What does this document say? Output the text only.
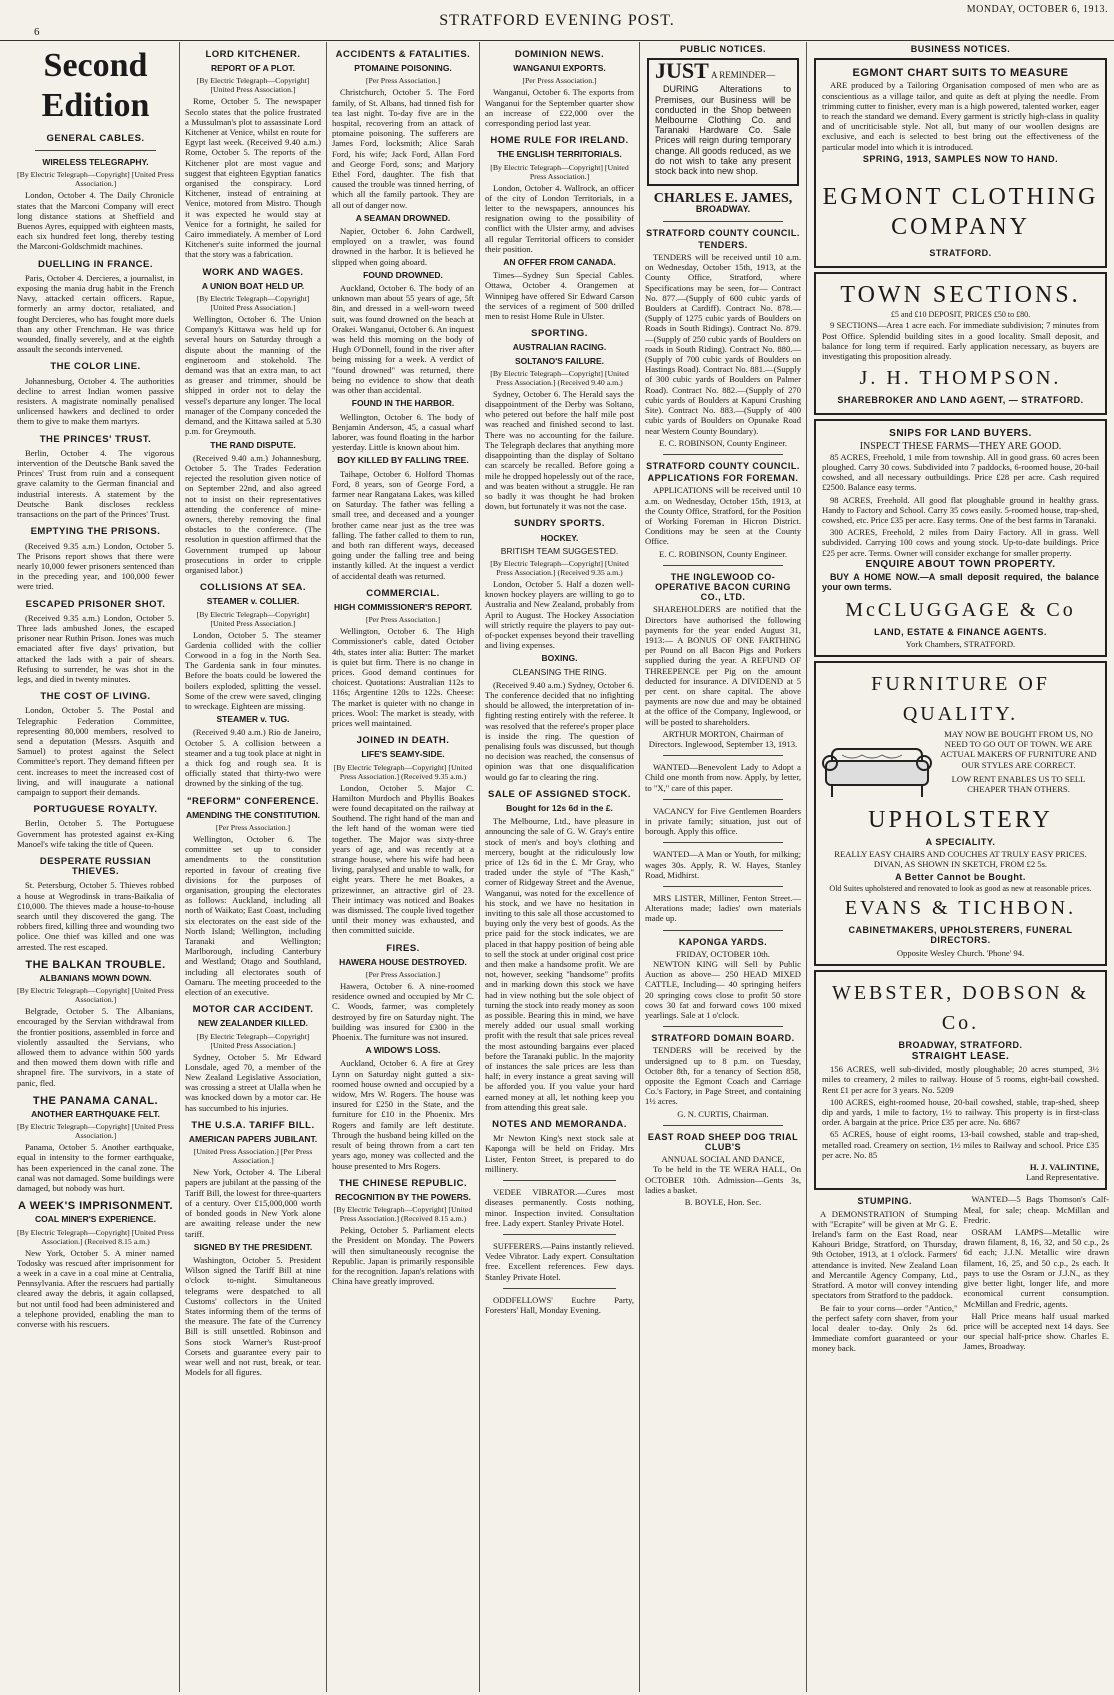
6
STRATFORD EVENING POST.
MONDAY, OCTOBER 6, 1913.
Second Edition
GENERAL CABLES.
WIRELESS TELEGRAPHY.
[By Electric Telegraph—Copyright] [United Press Association.]

London, October 4. The Daily Chronicle states that the Marconi Company will erect long distance stations at Sheffield and Buenos Ayres, equipped with eighteen masts, each six hundred feet long, thereby testing the Marconi-Goldschmidt machines.

DUELLING IN FRANCE.

Paris, October 4. Dercieres, a journalist, in exposing the mania drug habit in the French Navy, attacked certain officers. Rapue, formerly an army doctor, retaliated, and fought Dercieres, who has fought more duels than any other Frenchman. He was thrice wounded, finally severely, and at the eighth assault the seconds intervened.

THE COLOR LINE.

Johannesburg, October 4. The authorities decline to arrest Indian women passive resisters. A magistrate nominally penalised unlicensed hawkers and declined to order them to give to make them martyrs.

THE PRINCES' TRUST.

Berlin, October 4. The vigorous intervention of the Deutsche Bank saved the Princes' Trust from ruin and a consequent grave calamity to the German financial and industrial interests. A statement by the Deutsche Bank discloses reckless transactions on the part of the Princes' Trust.

EMPTYING THE PRISONS.

(Received 9.35 a.m.) London, October 5. The Prisons report shows that there were nearly 10,000 fewer prisoners sentenced than in the preceding year, and 100,000 fewer were tried.

ESCAPED PRISONER SHOT.

(Received 9.35 a.m.) London, October 5. Three lads ambushed Jones, the escaped prisoner near Ruthin Prison. Jones was much emaciated after five days' privation, but attacked the lads with a pair of shears. Refusing to surrender, he was shot in the legs, and died in twenty minutes.

THE COST OF LIVING.

London, October 5. The Postal and Telegraphic Federation Committee, representing 80,000 members, resolved to send a deputation (Messrs. Asquith and Samuel) to protest against the Select Committee's report. They demand fifteen per cent. increases to meet the increased cost of living, and will inaugurate a national campaign to support their demands.

PORTUGUESE ROYALTY.

Berlin, October 5. The Portuguese Government has protested against ex-King Manoel's wife taking the title of Queen.

DESPERATE RUSSIAN THIEVES.

St. Petersburg, October 5. Thieves robbed a house at Wegrodinsk in trans-Baikalia of £10,000. The thieves made a house-to-house search until they discovered the gang. The robbers fired, killing three and wounding two police. One thief was killed and one was arrested. The rest escaped.

THE BALKAN TROUBLE.
ALBANIANS MOWN DOWN.
[By Electric Telegraph—Copyright] [United Press Association.]

Belgrade, October 5. The Albanians, encouraged by the Servian withdrawal from the frontier positions, assembled in force and violently assaulted the Servians, who allowed them to advance within 500 yards and then mowed them down with rifle and shrapnel fire. The survivors, in a state of panic, fled.

THE PANAMA CANAL.
ANOTHER EARTHQUAKE FELT.
[By Electric Telegraph—Copyright] [United Press Association.]

Panama, October 5. Another earthquake, equal in intensity to the former earthquake, has been experienced in the canal zone. The canal was not damaged. Some buildings were damaged, but nobody was hurt.

A WEEK'S IMPRISONMENT.
COAL MINER'S EXPERIENCE.
[By Electric Telegraph—Copyright] [United Press Association.] (Received 8.15 a.m.)

New York, October 5. A miner named Todosky was rescued after imprisonment for a week in a cave in a coal mine at Centralia, Pennsylvania. After the rescuers had partially cleared away the debris, it again collapsed, but not until food had been administered and a telephone provided, enabling the man to converse with his rescuers.

LORD KITCHENER.
REPORT OF A PLOT.
[By Electric Telegraph—Copyright] [United Press Association.]

Rome, October 5. The newspaper Secolo states that the police frustrated a Mussulman's plot to assassinate Lord Kitchener at Venice, whilst en route for Egypt last week. (Received 9.40 a.m.) Rome, October 5. The reports of the Kitchener plot are most vague and suggest that eighteen Egyptian fanatics organised the conspiracy. Lord Kitchener, instead of entraining at Venice, motored from Mistro. Though it was expected he would stay at Venice for a fortnight, he sailed for Cairo immediately. A member of Lord Kitchener's suite informed the journal that the story was a fabrication.

WORK AND WAGES.
A UNION BOAT HELD UP.
[By Electric Telegraph—Copyright] [United Press Association.]

Wellington, October 6. The Union Company's Kittawa was held up for several hours on Saturday through a dispute about the manning of the engineroom and stokehold. The demand was that an extra man, to act as greaser and trimmer, should be shipped in order not to delay the vessel's departure any longer. The local manager of the Company conceded the demand, and the Kittawa sailed at 5.30 p.m. for Greymouth.

THE RAND DISPUTE.

(Received 9.40 a.m.) Johannesburg, October 5. The Trades Federation rejected the resolution given notice of on September 22nd, and also agreed not to insist on their representatives attending the conference of mine-owners, thereby removing the final obstacles to the conference. (The resolution in question affirmed that the Government trumped up labour prosecutions in order to cripple organised labor.)

COLLISIONS AT SEA.
STEAMER v. COLLIER.
[By Electric Telegraph—Copyright] [United Press Association.]

London, October 5. The steamer Gardenia collided with the collier Corwood in a fog in the North Sea. The Gardenia sank in four minutes. Before the boats could be lowered the boilers exploded, splitting the vessel. Some of the crew were saved, clinging to wreckage. Eighteen are missing.

STEAMER v. TUG.

(Received 9.40 a.m.) Rio de Janeiro, October 5. A collision between a steamer and a tug took place at night in a thick fog and rough sea. It is officially stated that thirty-two were drowned by the sinking of the tug.

"REFORM" CONFERENCE.
AMENDING THE CONSTITUTION.
[Per Press Association.]

Wellington, October 6. The committee set up to consider amendments to the constitution reported in favour of creating five divisions for the purposes of organisation, grouping the electorates as follows: Auckland, including all north of Waikato; East Coast, including six electorates on the east side of the North Island; Wellington, including Taranaki and Wellington; Marlborough, including Canterbury and Westland; Otago and Southland, including all electorates south of Oamaru. The meeting proceeded to the election of an executive.

MOTOR CAR ACCIDENT.
NEW ZEALANDER KILLED.
[By Electric Telegraph—Copyright] [United Press Association.]

Sydney, October 5. Mr Edward Lonsdale, aged 70, a member of the New Zealand Legislative Association, was crossing a street at Ulalla when he was knocked down by a motor car. He has succumbed to his injuries.

THE U.S.A. TARIFF BILL.
AMERICAN PAPERS JUBILANT.
[United Press Association.] [Per Press Association.]

New York, October 4. The Liberal papers are jubilant at the passing of the Tariff Bill, the lowest for three-quarters of a century. Over £15,000,000 worth of bonded goods in New York alone are awaiting release under the new tariff.

SIGNED BY THE PRESIDENT.

Washington, October 5. President Wilson signed the Tariff Bill at nine o'clock to-night. Simultaneous telegrams were despatched to all Customs' collectors in the United States informing them of the terms of the measure. The fate of the Currency Bill is still unsettled. Robinson and Sons stock Warner's Rust-proof Corsets and guarantee every pair to wear well and not rust, break, or tear. Models for all figures.

ACCIDENTS & FATALITIES.
PTOMAINE POISONING.
[Per Press Association.]

Christchurch, October 5. The Ford family, of St. Albans, had tinned fish for tea last night. To-day five are in the hospital, recovering from an attack of ptomaine poisoning. The sufferers are James Ford, locksmith; Alice Sarah Ford, his wife; Jack Ford, Allan Ford and George Ford, sons; and Marjory Ethel Ford, daughter. The fish that caused the trouble was tinned herring, of which all the family partook. They are all out of danger now.

A SEAMAN DROWNED.

Napier, October 6. John Cardwell, employed on a trawler, was found drowned in the harbor. It is believed he slipped when going aboard.

FOUND DROWNED.

Auckland, October 6. The body of an unknown man about 55 years of age, 5ft 8in, and dressed in a well-worn tweed suit, was found drowned on the beach at Orakei. Wanganui, October 6. An inquest was held this morning on the body of Hugh O'Donnell, found in the river after being missing for a week. A verdict of "found drowned" was returned, there being no evidence to show that death was other than accidental.

FOUND IN THE HARBOR.

Wellington, October 6. The body of Benjamin Anderson, 45, a casual wharf laborer, was found floating in the harbor yesterday. Little is known about him.

BOY KILLED BY FALLING TREE.

Taihape, October 6. Holford Thomas Ford, 8 years, son of George Ford, a farmer near Rangatana Lakes, was killed on Saturday. The father was felling a small tree, and deceased and a younger brother came near just as the tree was falling. The father called to them to run, and both ran different ways, deceased going under the falling tree and being instantly killed. At the inquest a verdict of accidental death was returned.

COMMERCIAL.
HIGH COMMISSIONER'S REPORT.
[Per Press Association.]

Wellington, October 6. The High Commissioner's cable, dated October 4th, states inter alia: Butter: The market is quiet but firm. There is no change in prices. Good demand continues for choicest. Quotations: Australian 112s to 116s; Argentine 120s to 122s. Cheese: The market is quieter with no change in prices. Wool: The market is steady, with prices well maintained.

JOINED IN DEATH.
LIFE'S SEAMY-SIDE.
[By Electric Telegraph—Copyright] [United Press Association.] (Received 9.35 a.m.)

London, October 5. Major C. Hamilton Murdoch and Phyllis Boakes were found decapitated on the railway at Southend. The right hand of the man and the left hand of the woman were tied together. The Major was sixty-three years of age, and was recently at a strange house, where his wife had been living, paralysed and unable to walk, for eight years. There he met Boakes, a prizewinner, an attractive girl of 23. Their intimacy was noticed and Boakes was dismissed. The couple lived together until their money was exhausted, and then committed suicide.

FIRES.
HAWERA HOUSE DESTROYED.
[Per Press Association.]

Hawera, October 6. A nine-roomed residence owned and occupied by Mr C. C. Woods, farmer, was completely destroyed by fire on Saturday night. The building was insured for £300 in the Phoenix. The furniture was not insured.

A WIDOW'S LOSS.

Auckland, October 6. A fire at Grey Lynn on Saturday night gutted a six-roomed house owned and occupied by a widow, Mrs W. Rogers. The house was insured for £250 in the State, and the furniture for £10 in the Phoenix. Mrs Rogers and family are left destitute. Through the husband being killed on the result of being thrown from a cart ten years ago, money was collected and the house presented to Mrs Rogers.

THE CHINESE REPUBLIC.
RECOGNITION BY THE POWERS.
[By Electric Telegraph—Copyright] [United Press Association.] (Received 8.15 a.m.)

Peking, October 5. Parliament elects the President on Monday. The Powers will then simultaneously recognise the Republic. Japan is primarily responsible for the recognition. Japan's relations with China have greatly improved.

DOMINION NEWS.
WANGANUI EXPORTS.
[Per Press Association.]

Wanganui, October 6. The exports from Wanganui for the September quarter show an increase of £22,000 over the corresponding period last year.

HOME RULE FOR IRELAND.
THE ENGLISH TERRITORIALS.
[By Electric Telegraph—Copyright] [United Press Association.]

London, October 4. Wallrock, an officer of the city of London Territorials, in a letter to the newspapers, announces his resignation owing to the possibility of conflict with the Ulster army, and advises all regular Territorial officers to consider their position.

AN OFFER FROM CANADA.

Times—Sydney Sun Special Cables. Ottawa, October 4. Orangemen at Winnipeg have offered Sir Edward Carson the services of a regiment of 500 drilled men to resist Home Rule in Ulster.

SPORTING.
AUSTRALIAN RACING.
SOLTANO'S FAILURE.
[By Electric Telegraph—Copyright] [United Press Association.] (Received 9.40 a.m.)

Sydney, October 6. The Herald says the disappointment of the Derby was Soltano, who petered out before the half mile post was reached and finished second to last. There was no accounting for the failure. The Telegraph declares that anything more disappointing than the display of Soltano can scarcely be recalled. Before going a mile he dropped hopelessly out of the race, and was beaten without a struggle. He ran so badly it was thought he had broken down, but fortunately it was not the case.

SUNDRY SPORTS.
HOCKEY.
BRITISH TEAM SUGGESTED.
[By Electric Telegraph—Copyright] [United Press Association.] (Received 9.35 a.m.)

London, October 5. Half a dozen well-known hockey players are willing to go to Australia and New Zealand, probably from April to August. The Hockey Association will strictly require the players to pay out-of-pocket expenses beyond their travelling and living expenses.

BOXING.
CLEANSING THE RING.

(Received 9.40 a.m.) Sydney, October 6. The conference decided that no infighting should be allowed, the interpretation of in-fighting resting entirely with the referee. It was resolved that the referee's proper place is inside the ring. The question of penalising fouls was discussed, but though no decision was reached, the consensus of opinion was that one disqualification would go far to clearing the ring.

SALE OF ASSIGNED STOCK.
Bought for 12s 6d in the £.

The Melbourne, Ltd., have pleasure in announcing the sale of G. W. Gray's entire stock of men's and boy's clothing and mercery, bought at the ridiculously low price of 12s 6d in the £. Mr Gray, who traded under the style of "The Kash," corner of Ridgeway Street and the Avenue, Wanganui, was noted for the excellence of his stock, and we have no hesitation in inviting to this sale all those accustomed to buying only the very best of goods. As the price paid for the stock indicates, we are placed in that happy position of being able to sell the stock at under original cost price and then make a handsome profit. We are not, however, seeking "handsome" profits and in marking down this stock we have had in view nothing but the sole object of turning the stock into ready money as soon as possible. Bearing this in mind, we have merely added our usual small working profit with the result that sale prices reveal the most astounding bargains ever placed before the Taranaki public. In the majority of instances the sale prices are less than half; in every instance a great saving will be afforded you. If you value your hard earned money at all, let nothing keep you from attending this great sale.

NOTES AND MEMORANDA.

Mr Newton King's next stock sale at Kaponga will be held on Friday. Mrs Lister, Fenton Street, is prepared to do millinery.

VEDEE VIBRATOR.—Cures most diseases permanently. Costs nothing, minor. Inspection invited. Consultation free. Lady expert. Stanley Private Hotel.

SUFFERERS.—Pains instantly relieved. Vedee Vibrator. Lady expert. Consultation free. Excellent references. Few days. Stanley Private Hotel.

ODDFELLOWS' Euchre Party, Foresters' Hall, Monday Evening.

PUBLIC NOTICES.
JUST A REMINDER—

DURING Alterations to Premises, our Business will be conducted in the Shop between Melbourne Clothing Co. and Taranaki Hardware Co. Sale Prices will reign during temporary change. All goods reduced, as we do not wish to take any present stock back into new shop.

CHARLES E. JAMES,
BROADWAY.
STRATFORD COUNTY COUNCIL.
TENDERS.

TENDERS will be received until 10 a.m. on Wednesday, October 15th, 1913, at the County Office, Stratford, where Specifications may be seen, for— Contract No. 877.—(Supply of 600 cubic yards of Boulders at Cardiff). Contract No. 878.—(Supply of 1275 cubic yards of Boulders on Roads in South Ridings). Contract No. 879.—(Supply of 250 cubic yards of Boulders on roads in South Riding). Contract No. 880.—(Supply of 700 cubic yards of Boulders on Hastings Road). Contract No. 881.—(Supply of 300 cubic yards of Boulders on Palmer Road). Contract No. 882.—(Supply of 270 cubic yards of Boulders at Kapuni Crushing Site). Contract No. 883.—(Supply of 400 cubic yards of Boulders on Opunake Road near Western County Boundary).

E. C. ROBINSON, County Engineer.
STRATFORD COUNTY COUNCIL.
APPLICATIONS FOR FOREMAN.

APPLICATIONS will be received until 10 a.m. on Wednesday, October 15th, 1913, at the County Office, Stratford, for the Position of Working Foreman in Hicron District. Conditions may be seen at the County Office.

E. C. ROBINSON, County Engineer.
THE INGLEWOOD CO-OPERATIVE BACON CURING CO., LTD.

SHAREHOLDERS are notified that the Directors have authorised the following payments for the year ended August 31, 1913:— A BONUS OF ONE FARTHING per Pound on all Bacon Pigs and Porkers supplied during the year. A REFUND OF THREEPENCE per Pig on the amount deducted for insurance. A DIVIDEND at 5 per cent. on share capital. The above payments are now due and may be obtained at the office of the Company, Inglewood, or will be posted to shareholders.

ARTHUR MORTON, Chairman of Directors. Inglewood, September 13, 1913.

WANTED—Benevolent Lady to Adopt a Child one month from now. Apply, by letter, to "X," care of this paper.

VACANCY for Five Gentlemen Boarders in private family; situation, just out of borough. Apply this office.

WANTED—A Man or Youth, for milking; wages 30s. Apply, R. W. Hayes, Stanley Road, Midhirst.

MRS LISTER, Milliner, Fenton Street.—Alterations made; ladies' own materials made up.

KAPONGA YARDS.
FRIDAY, OCTOBER 10th.

NEWTON KING will Sell by Public Auction as above— 250 HEAD MIXED CATTLE, Including— 40 springing heifers 20 springing cows close to profit 50 store cows 30 fat and forward cows 100 mixed yearlings. Sale at 1 o'clock.

STRATFORD DOMAIN BOARD.

TENDERS will be received by the undersigned up to 8 p.m. on Tuesday, October 8th, for a tenancy of Section 858, opposite the Egmont Coach and Carriage Co.'s Factory, in Page Street, and containing 1½ acres.

G. N. CURTIS, Chairman.
EAST ROAD SHEEP DOG TRIAL CLUB'S
ANNUAL SOCIAL AND DANCE,

To be held in the TE WERA HALL, On OCTOBER 10th. Admission—Gents 3s, ladies a basket.

B. BOYLE, Hon. Sec.
BUSINESS NOTICES.
EGMONT CHART SUITS TO MEASURE

ARE produced by a Tailoring Organisation composed of men who are as conscientious as a village tailor, and quite as deft at plying the needle. From trimming cutter to finisher, every man is a high powered, talented worker, eager to reach the standard we demand. Every garment is strictly high-class in quality and of uncriticisable style. Not all, but many of our woollen designs are exclusive, and each is selected to best bring out the effectiveness of the particular model into which it is introduced.

SPRING, 1913, SAMPLES NOW TO HAND.
EGMONT CLOTHING
COMPANY
STRATFORD.
TOWN SECTIONS.
£5 and £10 DEPOSIT, PRICES £50 to £80.

9 SECTIONS—Area 1 acre each. For immediate subdivision; 7 minutes from Post Office. Splendid building sites in a good locality. Small deposit, and balance for long term if required. Early application necessary, as buyers are investigating this proposition already.

J. H. THOMPSON.
SHAREBROKER AND LAND AGENT, — STRATFORD.
SNIPS FOR LAND BUYERS.
INSPECT THESE FARMS—THEY ARE GOOD.

85 ACRES, Freehold, 1 mile from township. All in good grass. 60 acres been ploughed. Carry 30 cows. Subdivided into 7 paddocks, 6-roomed house, 20-bail cowshed, and all necessary outbuildings. Price £28 per acre. Cash required £2500. Balance easy terms.

98 ACRES, Freehold. All good flat ploughable ground in healthy grass. Handy to Factory and School. Carry 35 cows easily. 5-roomed house, trap-shed, cowshed, etc. Price £35 per acre. Easy terms. One of the best farms in Taranaki.

300 ACRES, Freehold, 2 miles from Dairy Factory. All in grass. Well subdivided. Carrying 100 cows and young stock. Up-to-date buildings. Price £25 per acre. Terms. Owner will consider exchange for smaller property.

ENQUIRE ABOUT TOWN PROPERTY.

BUY A HOME NOW.—A small deposit required, the balance your own terms.

McCLUGGAGE & Co
LAND, ESTATE & FINANCE AGENTS.
York Chambers, STRATFORD.
FURNITURE OF QUALITY.
MAY NOW BE BOUGHT FROM US, NO NEED TO GO OUT OF TOWN. WE ARE ACTUAL MAKERS OF FURNITURE AND OUR STYLES ARE CORRECT.
LOW RENT ENABLES US TO SELL CHEAPER THAN OTHERS.
UPHOLSTERY
A SPECIALITY.
REALLY EASY CHAIRS AND COUCHES AT TRULY EASY PRICES. DIVAN, AS SHOWN IN SKETCH, FROM £2 5s.
A Better Cannot be Bought.
Old Suites upholstered and renovated to look as good as new at reasonable prices.
EVANS & TICHBON.
CABINETMAKERS, UPHOLSTERERS, FUNERAL DIRECTORS.
Opposite Wesley Church. 'Phone' 94.
WEBSTER, DOBSON & Co.
BROADWAY, STRATFORD.
STRAIGHT LEASE.

156 ACRES, well sub-divided, mostly ploughable; 20 acres stumped, 3½ miles to creamery, 2 miles to railway. House of 5 rooms, eight-bail cowshed. Rent £1 per acre for 3 years. No. 5209

100 ACRES, eight-roomed house, 20-bail cowshed, stable, trap-shed, sheep dip and yards, 1 mile to factory, 1½ to railway. This property is in first-class order. A bargain at the price. Price £35 per acre. No. 6867

65 ACRES, house of eight rooms, 13-bail cowshed, stable and trap-shed, metalled road. Creamery on section, 1½ miles to Railway and school. Price £35 per acre. No. 85

H. J. VALINTINE,
Land Representative.
STUMPING.

A DEMONSTRATION of Stumping with "Ecrapite" will be given at Mr G. E. Ireland's farm on the East Road, near Kahouri Bridge, Stratford, on Thursday, 9th October, 1913, at 1 o'clock. Farmers' attendance is invited. New Zealand Loan and Mercantile Agency Company, Ltd., Stratford. A motor will convey intending spectators from Stratford to the paddock.

Be fair to your corns—order "Antico," the perfect safety corn shaver, from your local dealer to-day. Only 2s 6d. Immediate comfort guaranteed or your money back.

WANTED—5 Bags Thomson's Calf-Meal, for sale; cheap. McMillan and Fredric.

OSRAM LAMPS—Metallic wire drawn filament, 8, 16, 32, and 50 c.p., 2s 6d each; J.J.N. Metallic wire drawn filament, 16, 25, and 50 c.p., 2s each. It pays to use the Osram or J.J.N., as they give better light, longer life, and more economical current consumption. McMillan and Fredric, agents.

Hall Price means half usual marked price will be accepted next 14 days. See our special half-price show. Charles E. James, Broadway.
